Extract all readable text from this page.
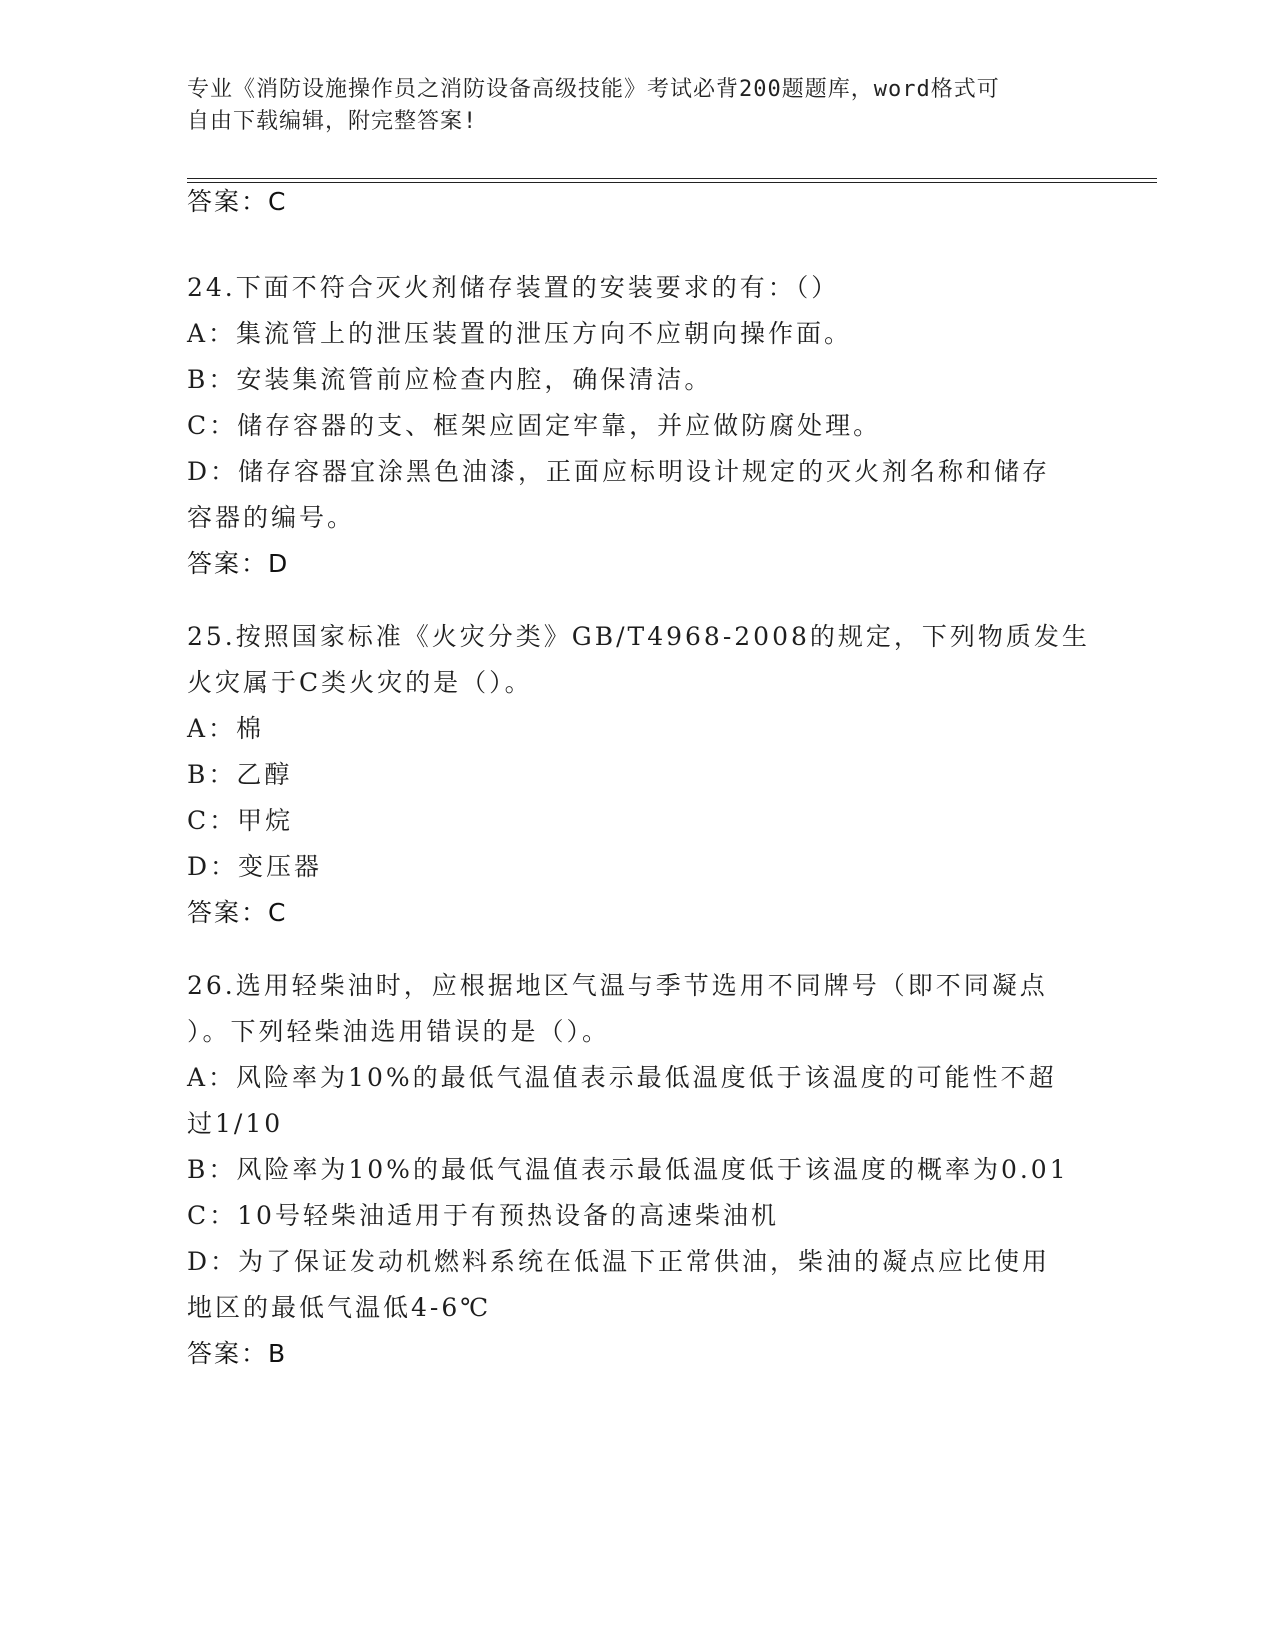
专业《消防设施操作员之消防设备高级技能》考试必背200题题库，word格式可
自由下载编辑，附完整答案!
答案：C
24.下面不符合灭火剂储存装置的安装要求的有：（）
A：集流管上的泄压装置的泄压方向不应朝向操作面。
B：安装集流管前应检查内腔，确保清洁。
C：储存容器的支、框架应固定牢靠，并应做防腐处理。
D：储存容器宜涂黑色油漆，正面应标明设计规定的灭火剂名称和储存
容器的编号。
答案：D
25.按照国家标准《火灾分类》GB/T4968-2008的规定，下列物质发生
火灾属于C类火灾的是（）。
A：棉
B：乙醇
C：甲烷
D：变压器
答案：C
26.选用轻柴油时，应根据地区气温与季节选用不同牌号（即不同凝点
）。下列轻柴油选用错误的是（）。
A：风险率为10%的最低气温值表示最低温度低于该温度的可能性不超
过1/10
B：风险率为10%的最低气温值表示最低温度低于该温度的概率为0.01
C：10号轻柴油适用于有预热设备的高速柴油机
D：为了保证发动机燃料系统在低温下正常供油，柴油的凝点应比使用
地区的最低气温低4-6℃
答案：B
